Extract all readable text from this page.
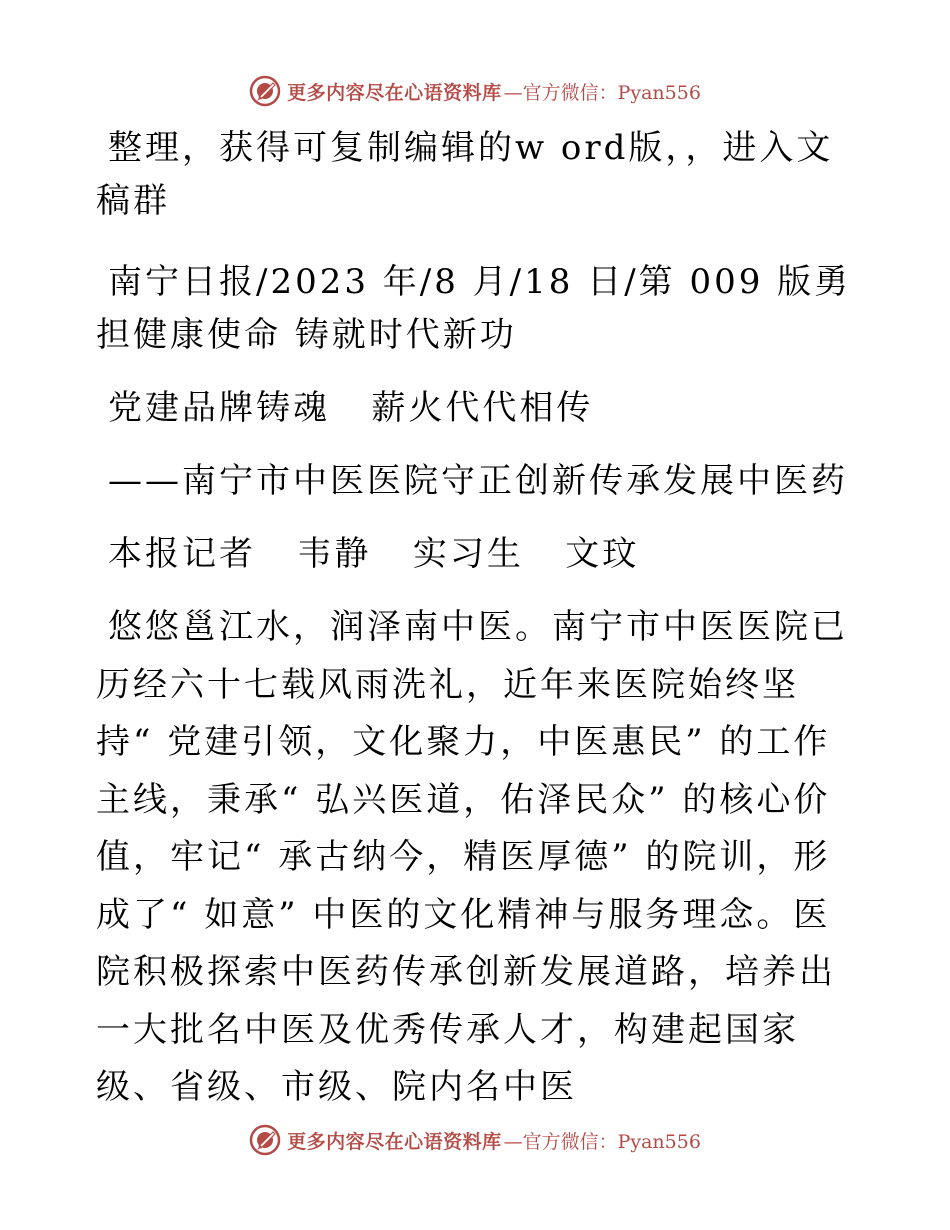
更多内容尽在心语资料库 —官方微信：Pyan556

整理，获得可复制编辑的w ord版，，进入文稿群

南宁日报/2023 年/8 月/18 日/第 009 版勇担健康使命 铸就时代新功

党建品牌铸魂   薪火代代相传

——南宁市中医医院守正创新传承发展中医药

本报记者   韦静   实习生   文玟

悠悠邕江水，润泽南中医。南宁市中医医院已历经六十七载风雨洗礼，近年来医院始终坚持“ 党建引领，文化聚力，中医惠民” 的工作主线，秉承“ 弘兴医道，佑泽民众” 的核心价值，牢记“ 承古纳今，精医厚德” 的院训，形成了“ 如意” 中医的文化精神与服务理念。医院积极探索中医药传承创新发展道路，培养出一大批名中医及优秀传承人才，构建起国家级、省级、市级、院内名中医

更多内容尽在心语资料库 —官方微信：Pyan556
